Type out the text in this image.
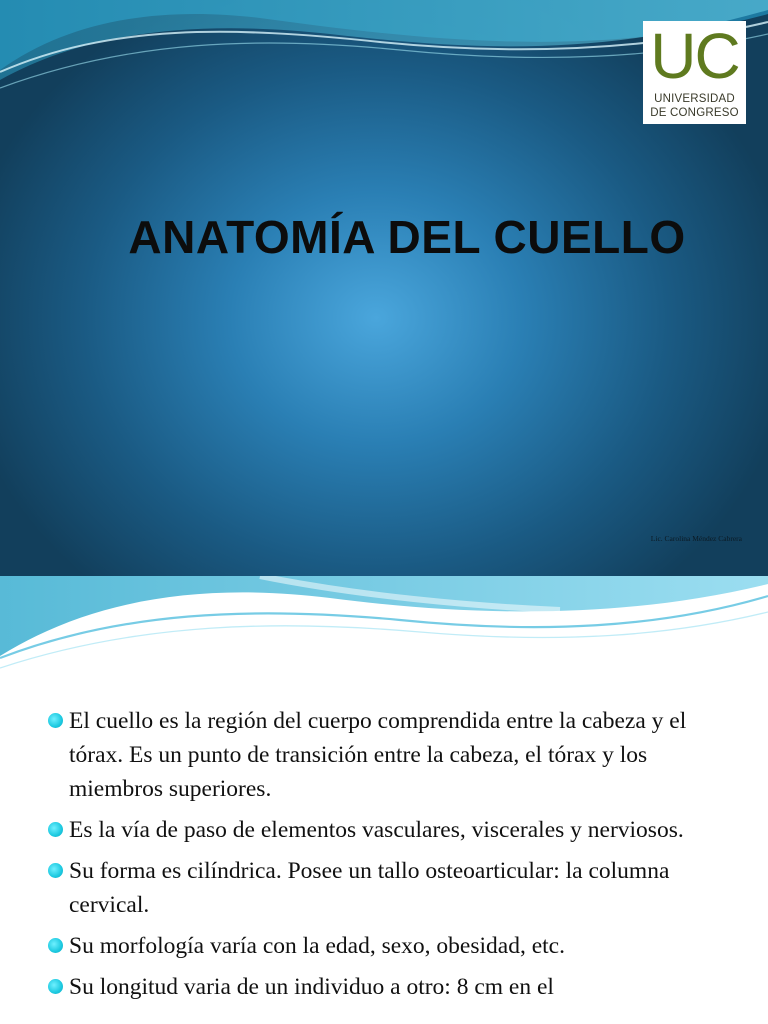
UC
UNIVERSIDAD
DE CONGRESO
ANATOMÍA DEL CUELLO
Lic. Carolina Méndez Cabrera
El cuello es la región del cuerpo comprendida entre la cabeza y el tórax. Es un punto de transición entre la cabeza, el tórax y los miembros superiores.
Es la vía de paso de elementos vasculares, viscerales y nerviosos.
Su forma es cilíndrica. Posee un tallo osteoarticular: la columna cervical.
Su morfología varía con la edad, sexo, obesidad, etc.
Su longitud varia de un individuo a otro: 8 cm en el
